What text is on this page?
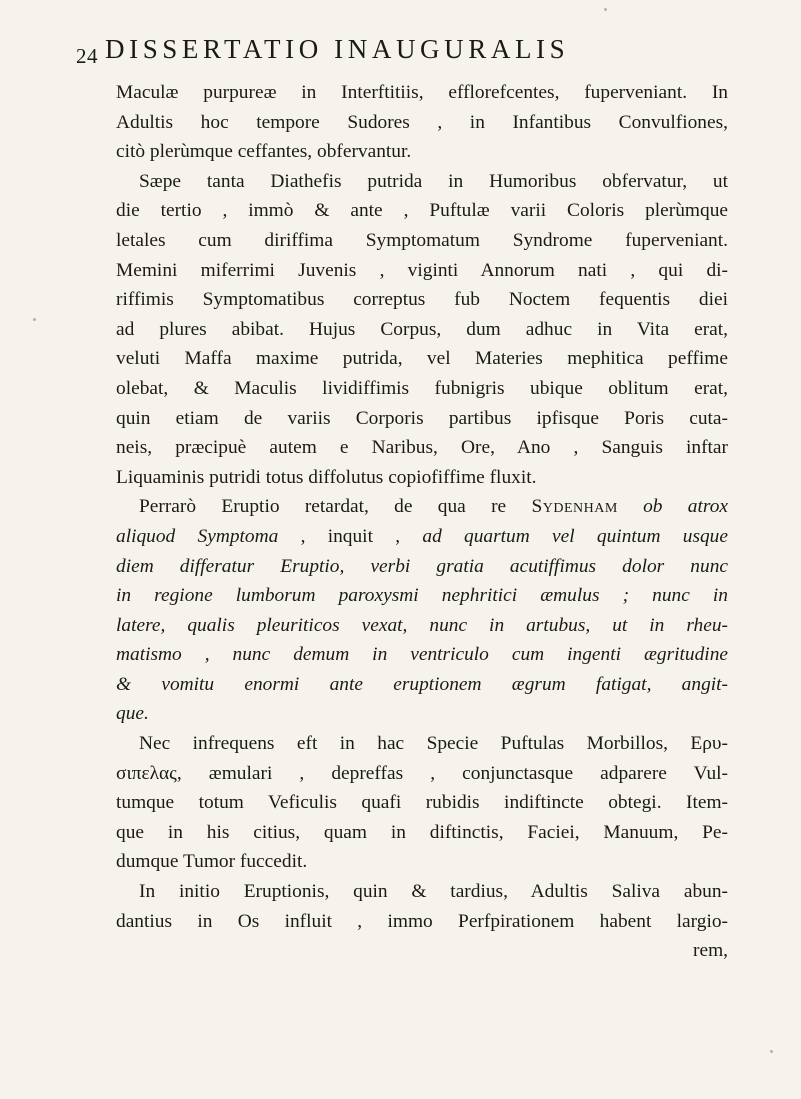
24 DISSERTATIO INAUGURALIS
Maculæ purpureæ in Interftitiis, efflorefcentes, fuperveniant. In
Adultis hoc tempore Sudores , in Infantibus Convulfiones,
citò plerùmque ceffantes, obfervantur.
Sæpe tanta Diathefis putrida in Humoribus obfervatur, ut
die tertio , immò & ante , Puftulæ varii Coloris plerùmque
letales cum diriffima Symptomatum Syndrome fuperveniant.
Memini miferrimi Juvenis , viginti Annorum nati , qui di-
riffimis Symptomatibus correptus fub Noctem fequentis diei
ad plures abibat. Hujus Corpus, dum adhuc in Vita erat,
veluti Maffa maxime putrida, vel Materies mephitica peffime
olebat, & Maculis lividiffimis fubnigris ubique oblitum erat,
quin etiam de variis Corporis partibus ipfisque Poris cuta-
neis, præcipuè autem e Naribus, Ore, Ano , Sanguis inftar
Liquaminis putridi totus diffolutus copiofiffime fluxit.
Perrarò Eruptio retardat, de qua re Sydenham ob atrox
aliquod Symptoma , inquit , ad quartum vel quintum usque
diem differatur Eruptio, verbi gratia acutiffimus dolor nunc
in regione lumborum paroxysmi nephritici æmulus ; nunc in
latere, qualis pleuriticos vexat, nunc in artubus, ut in rheu-
matismo , nunc demum in ventriculo cum ingenti ægritudine
& vomitu enormi ante eruptionem ægrum fatigat, angit-
que.
Nec infrequens eft in hac Specie Puftulas Morbillos, Ερυ-
σιπελας, æmulari , depreffas , conjunctasque adparere Vul-
tumque totum Veficulis quafi rubidis indiftincte obtegi. Item-
que in his citius, quam in diftinctis, Faciei, Manuum, Pe-
dumque Tumor fuccedit.
In initio Eruptionis, quin & tardius, Adultis Saliva abun-
dantius in Os influit , immo Perfpirationem habent largio-
rem,
